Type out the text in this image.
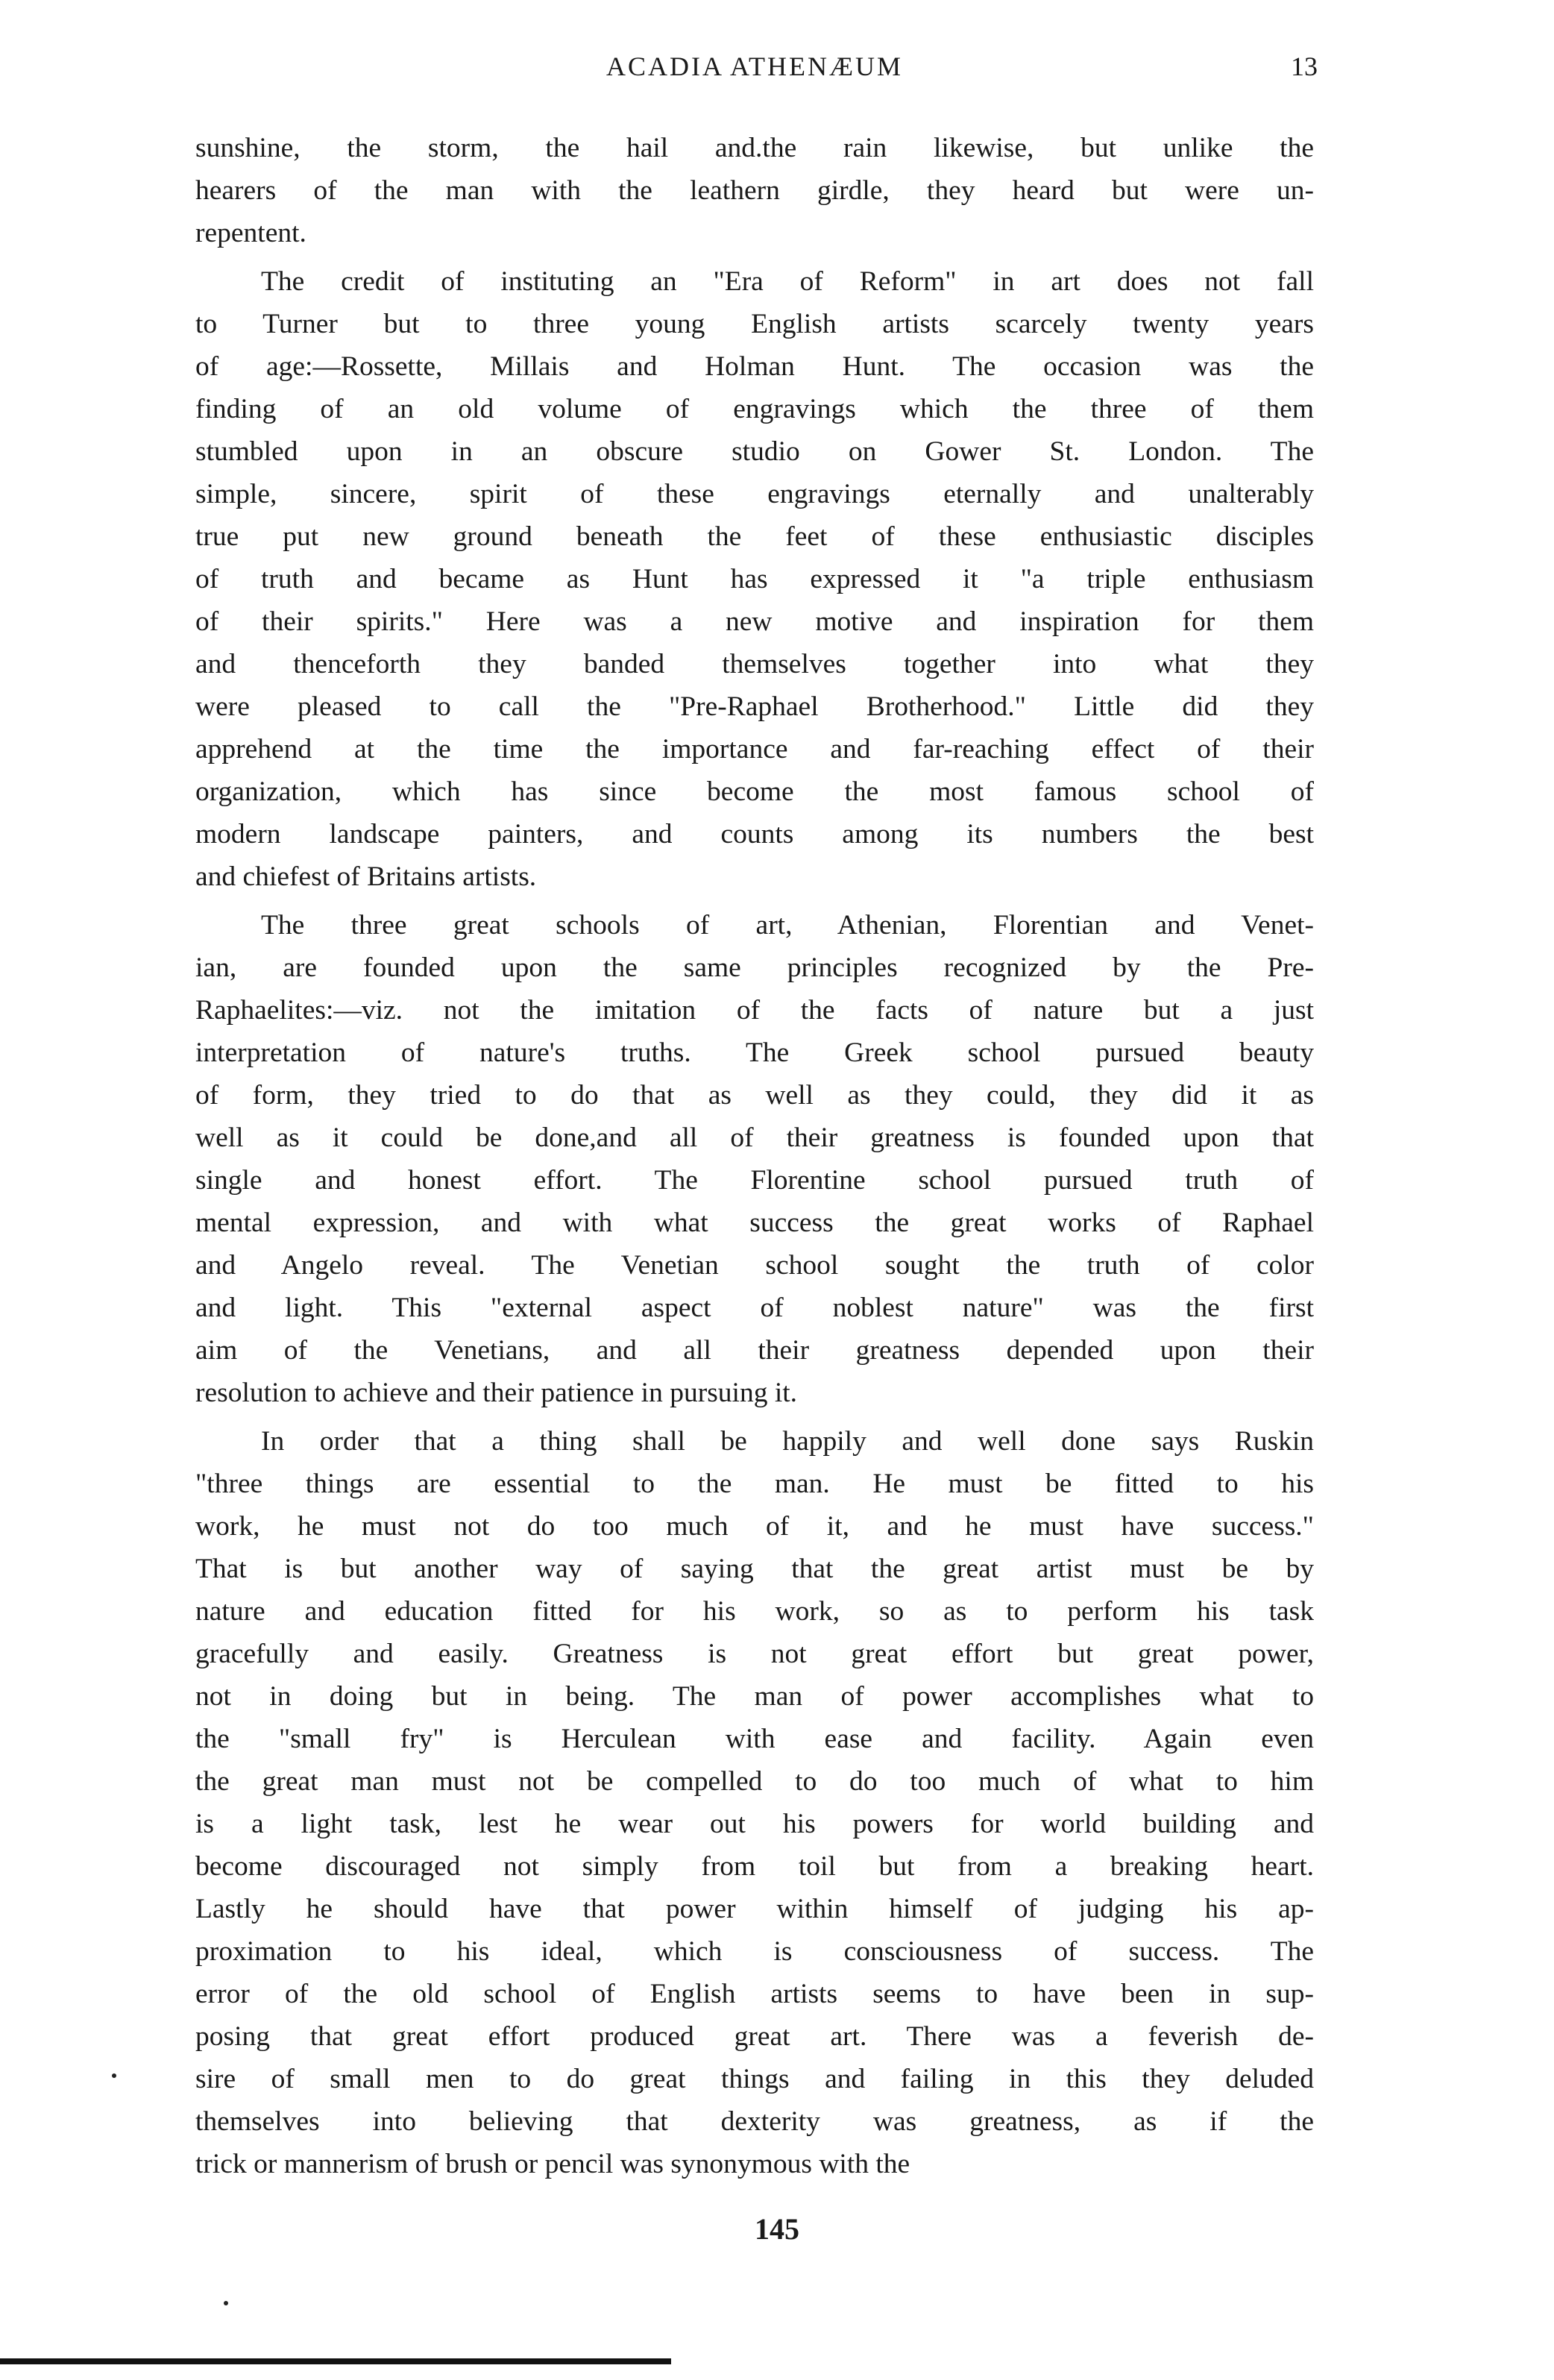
ACADIA ATHENÆUM	13
sunshine, the storm, the hail and.the rain likewise, but unlike the
hearers of the man with the leathern girdle, they heard but were un-
repentent.
The credit of instituting an "Era of Reform" in art does not fall
to Turner but to three young English artists scarcely twenty years
of age:—Rossette, Millais and Holman Hunt. The occasion was the
finding of an old volume of engravings which the three of them
stumbled upon in an obscure studio on Gower St. London. The
simple, sincere, spirit of these engravings eternally and unalterably
true put new ground beneath the feet of these enthusiastic disciples
of truth and became as Hunt has expressed it "a triple enthusiasm
of their spirits." Here was a new motive and inspiration for them
and thenceforth they banded themselves together into what they
were pleased to call the "Pre-Raphael Brotherhood." Little did they
apprehend at the time the importance and far-reaching effect of their
organization, which has since become the most famous school of
modern landscape painters, and counts among its numbers the best
and chiefest of Britains artists.
The three great schools of art, Athenian, Florentian and Venet-
ian, are founded upon the same principles recognized by the Pre-
Raphaelites:—viz. not the imitation of the facts of nature but a just
interpretation of nature's truths. The Greek school pursued beauty
of form, they tried to do that as well as they could, they did it as
well as it could be done,and all of their greatness is founded upon that
single and honest effort. The Florentine school pursued truth of
mental expression, and with what success the great works of Raphael
and Angelo reveal. The Venetian school sought the truth of color
and light. This "external aspect of noblest nature" was the first
aim of the Venetians, and all their greatness depended upon their
resolution to achieve and their patience in pursuing it.
In order that a thing shall be happily and well done says Ruskin
"three things are essential to the man. He must be fitted to his
work, he must not do too much of it, and he must have success."
That is but another way of saying that the great artist must be by
nature and education fitted for his work, so as to perform his task
gracefully and easily. Greatness is not great effort but great power,
not in doing but in being. The man of power accomplishes what to
the "small fry" is Herculean with ease and facility. Again even
the great man must not be compelled to do too much of what to him
is a light task, lest he wear out his powers for world building and
become discouraged not simply from toil but from a breaking heart.
Lastly he should have that power within himself of judging his ap-
proximation to his ideal, which is consciousness of success. The
error of the old school of English artists seems to have been in sup-
posing that great effort produced great art. There was a feverish de-
sire of small men to do great things and failing in this they deluded
themselves into believing that dexterity was greatness, as if the
trick or mannerism of brush or pencil was synonymous with the
145
